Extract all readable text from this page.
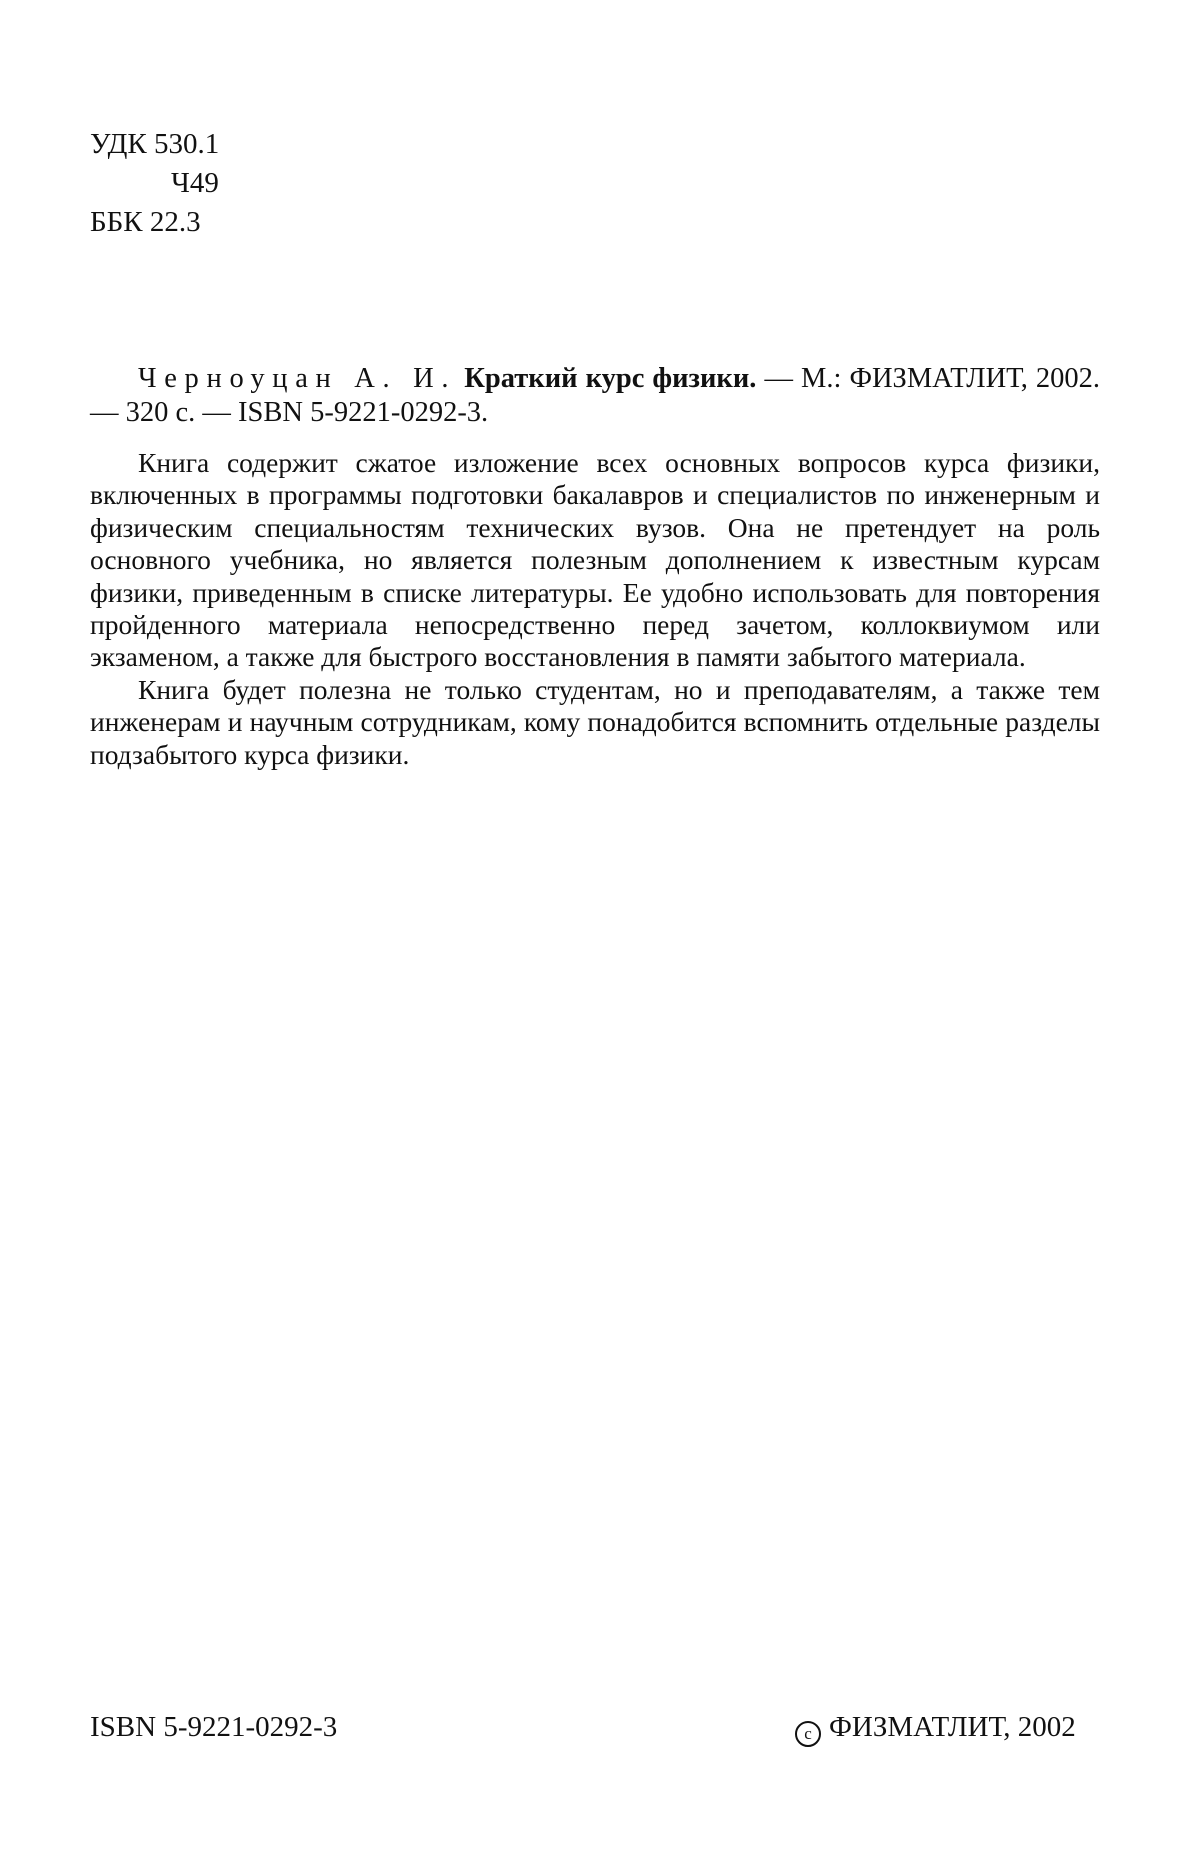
УДК 530.1
Ч49
ББК 22.3

Черноуцан А. И. Краткий курс физики. — М.: ФИЗМАТЛИТ, 2002. — 320 с. — ISBN 5-9221-0292-3.

Книга содержит сжатое изложение всех основных вопросов курса физики, включенных в программы подготовки бакалавров и специалистов по инженерным и физическим специальностям технических вузов. Она не претендует на роль основного учебника, но является полезным дополнением к известным курсам физики, приведенным в списке литературы. Ее удобно использовать для повторения пройденного материала непосредственно перед зачетом, коллоквиумом или экзаменом, а также для быстрого восстановления в памяти забытого материала.

Книга будет полезна не только студентам, но и преподавателям, а также тем инженерам и научным сотрудникам, кому понадобится вспомнить отдельные разделы подзабытого курса физики.

ISBN 5-9221-0292-3	c ФИЗМАТЛИТ, 2002
